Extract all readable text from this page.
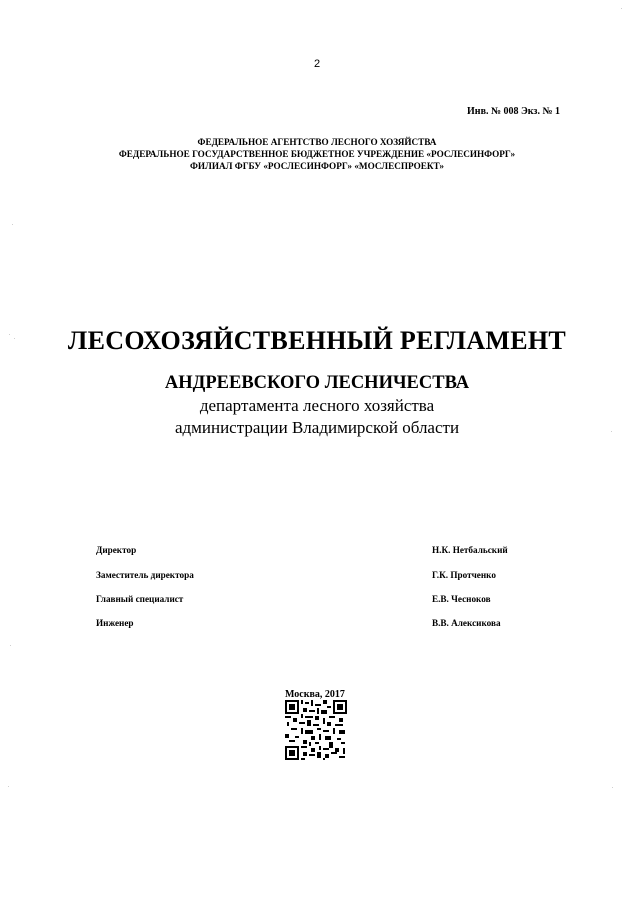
2
Инв. № 008 Экз. № 1
ФЕДЕРАЛЬНОЕ АГЕНТСТВО ЛЕСНОГО ХОЗЯЙСТВА
ФЕДЕРАЛЬНОЕ ГОСУДАРСТВЕННОЕ БЮДЖЕТНОЕ УЧРЕЖДЕНИЕ «РОСЛЕСИНФОРГ»
ФИЛИАЛ ФГБУ «РОСЛЕСИНФОРГ» «МОСЛЕСПРОЕКТ»
ЛЕСОХОЗЯЙСТВЕННЫЙ РЕГЛАМЕНТ
АНДРЕЕВСКОГО ЛЕСНИЧЕСТВА
департамента лесного хозяйства
администрации Владимирской области
Директор	Н.К. Нетбальский
Заместитель директора	Г.К. Протченко
Главный специалист	Е.В. Чесноков
Инженер	В.В. Алексикова
Москва, 2017
